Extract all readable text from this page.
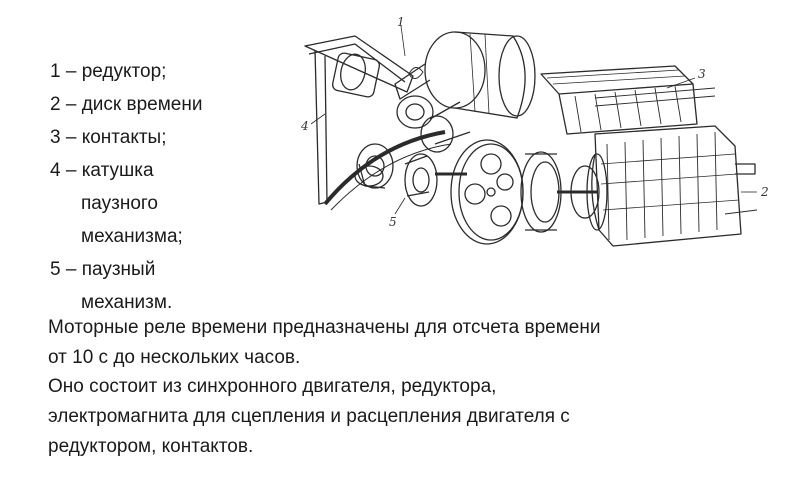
1 – редуктор;
2 – диск времени
3 – контакты;
4 – катушка
паузного
механизма;
5 – паузный
механизм.
Моторные реле времени предназначены для отсчета времени
от 10 с до нескольких часов.
Оно состоит из синхронного двигателя, редуктора,
электромагнита для сцепления и расцепления двигателя с
редуктором, контактов.
1
2
3
4
5
